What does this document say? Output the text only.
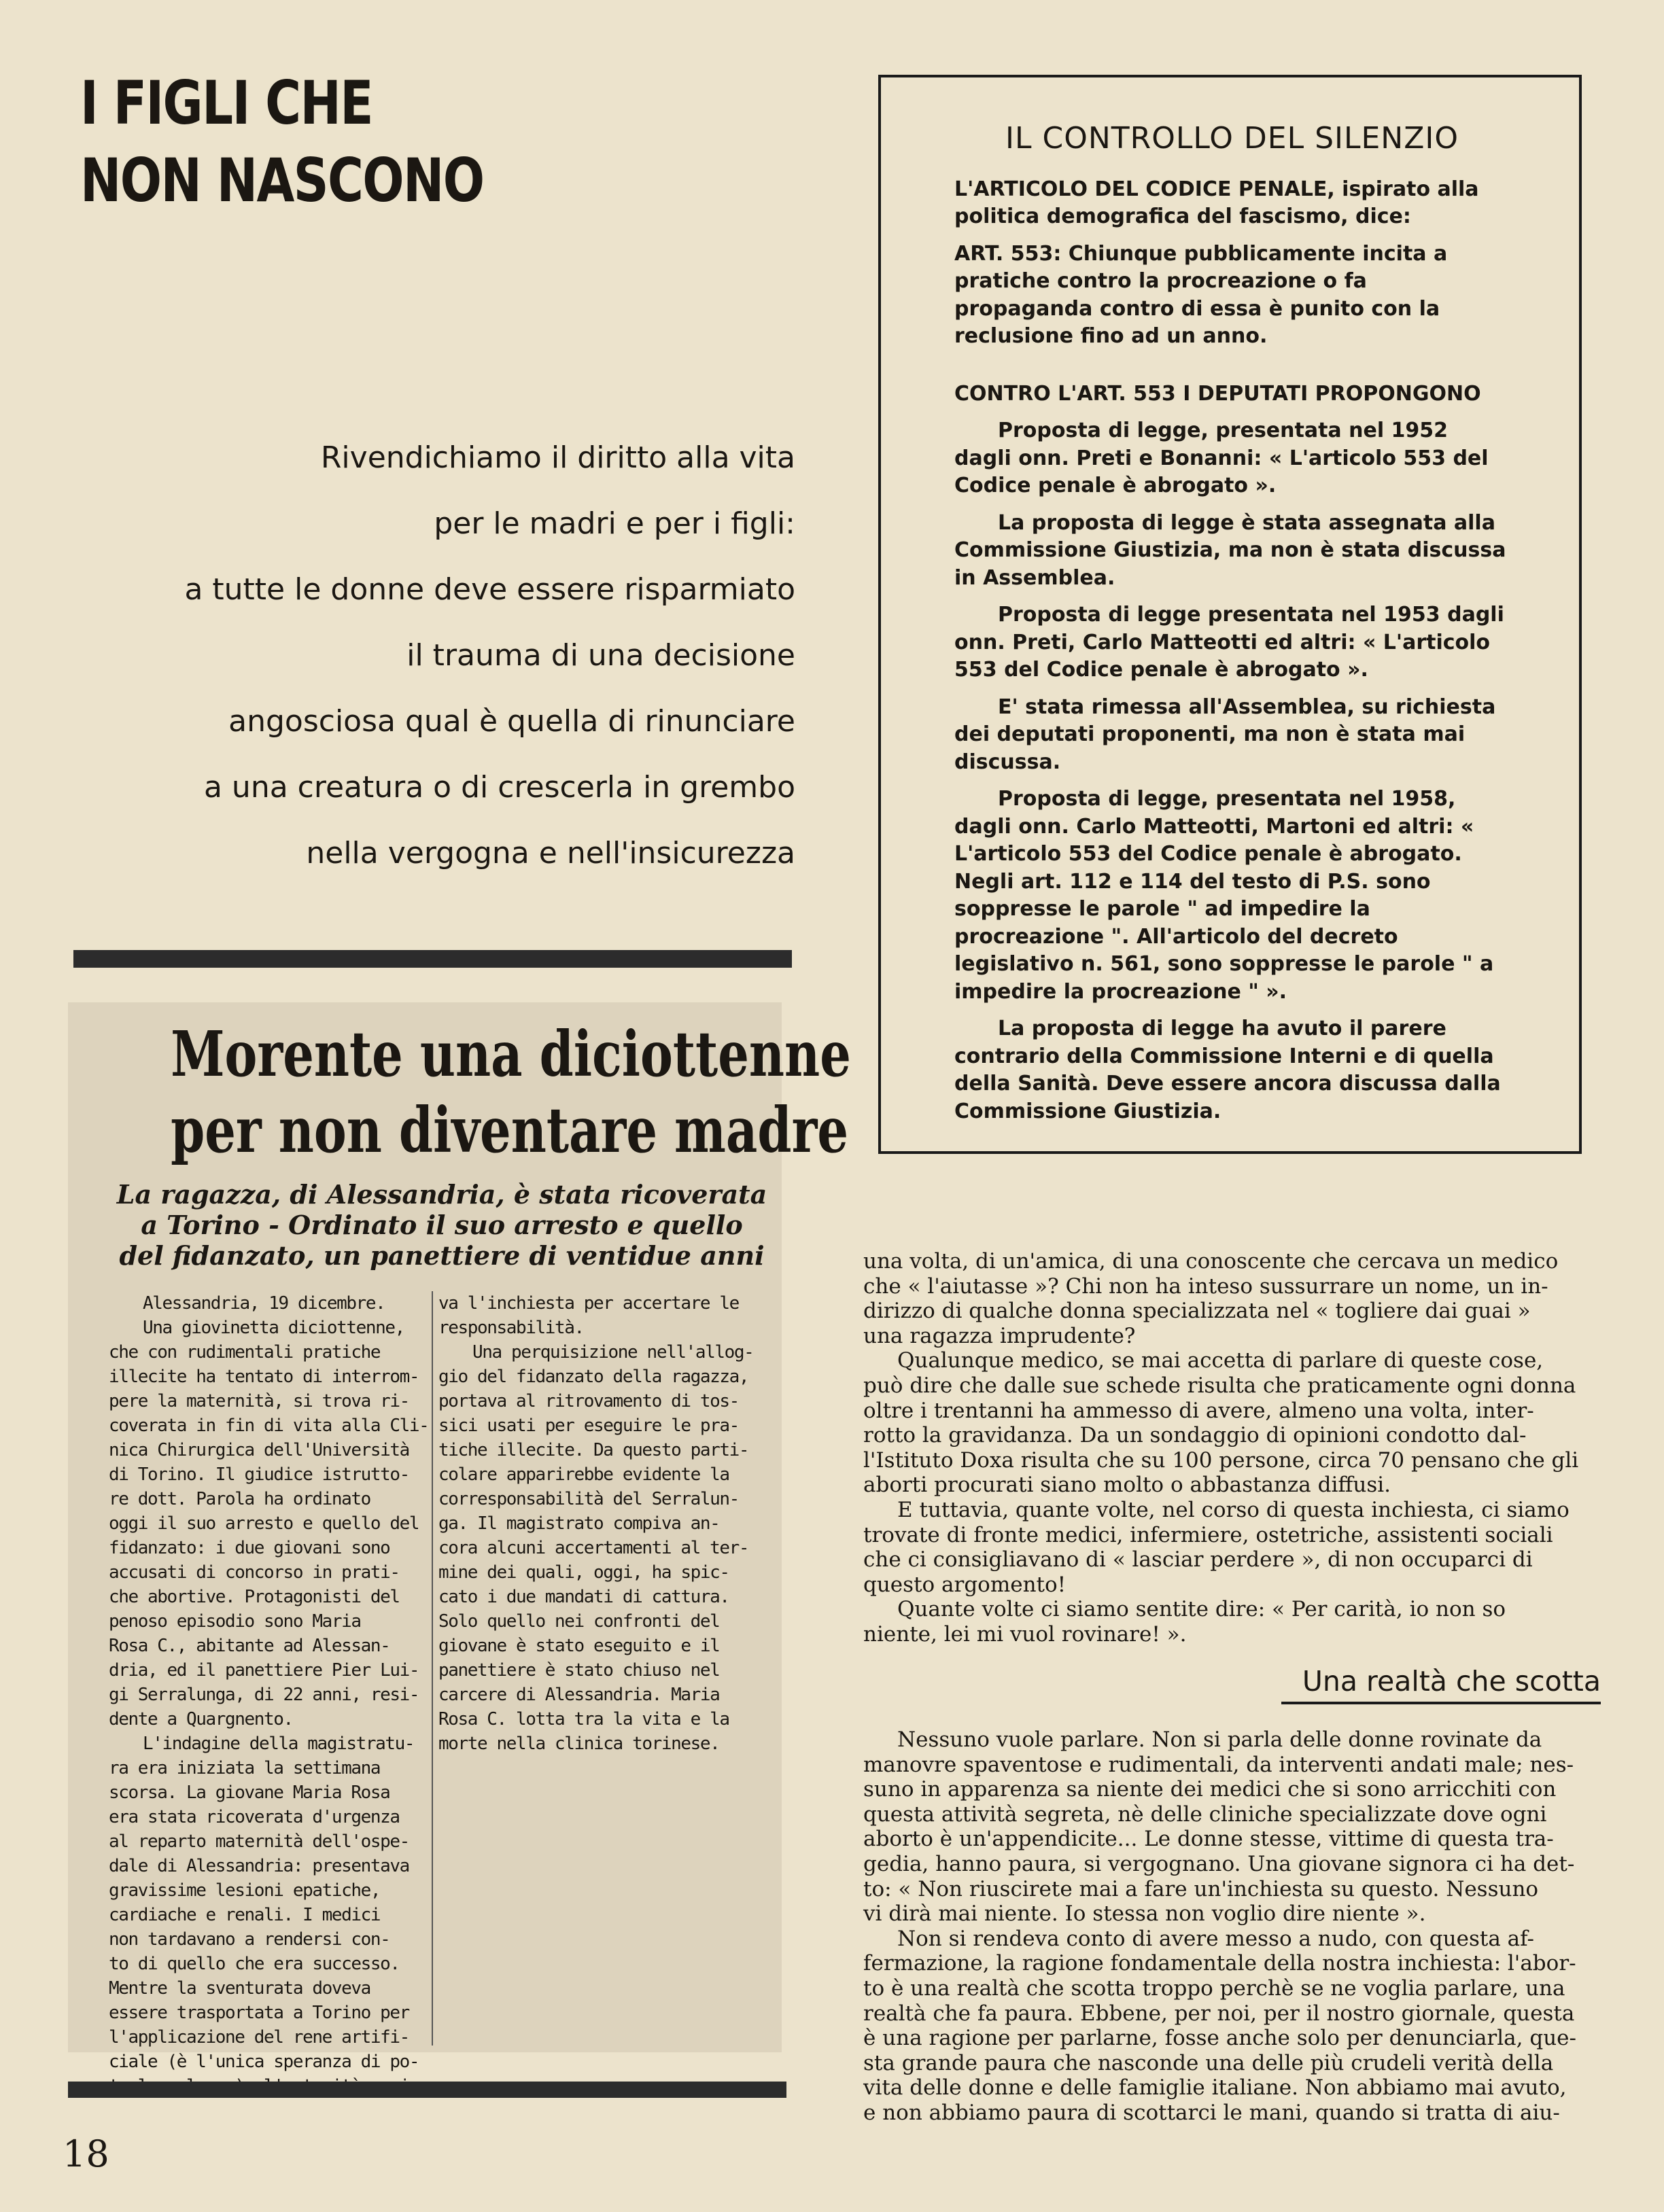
I FIGLI CHE
NON NASCONO
Rivendichiamo il diritto alla vita
per le madri e per i figli:
a tutte le donne deve essere risparmiato
il trauma di una decisione
angosciosa qual è quella di rinunciare
a una creatura o di crescerla in grembo
nella vergogna e nell'insicurezza
IL CONTROLLO DEL SILENZIO

L'ARTICOLO DEL CODICE PENALE, ispirato alla politica demografica del fascismo, dice:

ART. 553: Chiunque pubblicamente incita a pratiche contro la procreazione o fa propaganda contro di essa è punito con la reclusione fino ad un anno.

CONTRO L'ART. 553 I DEPUTATI PROPONGONO

Proposta di legge, presentata nel 1952 dagli onn. Preti e Bonanni: « L'articolo 553 del Codice penale è abrogato ».

La proposta di legge è stata assegnata alla Commissione Giustizia, ma non è stata discussa in Assemblea.

Proposta di legge presentata nel 1953 dagli onn. Preti, Carlo Matteotti ed altri: « L'articolo 553 del Codice penale è abrogato ».

E' stata rimessa all'Assemblea, su richiesta dei deputati proponenti, ma non è stata mai discussa.

Proposta di legge, presentata nel 1958, dagli onn. Carlo Matteotti, Martoni ed altri: « L'articolo 553 del Codice penale è abrogato. Negli art. 112 e 114 del testo di P.S. sono soppresse le parole " ad impedire la procreazione ". All'articolo del decreto legislativo n. 561, sono soppresse le parole " a impedire la procreazione " ».

La proposta di legge ha avuto il parere contrario della Commissione Interni e di quella della Sanità. Deve essere ancora discussa dalla Commissione Giustizia.

Morente una diciottenne
per non diventare madre
La ragazza, di Alessandria, è stata ricoverata
a Torino - Ordinato il suo arresto e quello
del fidanzato, un panettiere di ventidue anni
Alessandria, 19 dicembre.
Una giovinetta diciottenne,
che con rudimentali pratiche
illecite ha tentato di interrom-
pere la maternità, si trova ri-
coverata in fin di vita alla Cli-
nica Chirurgica dell'Università
di Torino. Il giudice istrutto-
re dott. Parola ha ordinato
oggi il suo arresto e quello del
fidanzato: i due giovani sono
accusati di concorso in prati-
che abortive. Protagonisti del
penoso episodio sono Maria
Rosa C., abitante ad Alessan-
dria, ed il panettiere Pier Lui-
gi Serralunga, di 22 anni, resi-
dente a Quargnento.
L'indagine della magistratu-
ra era iniziata la settimana
scorsa. La giovane Maria Rosa
era stata ricoverata d'urgenza
al reparto maternità dell'ospe-
dale di Alessandria: presentava
gravissime lesioni epatiche,
cardiache e renali. I medici
non tardavano a rendersi con-
to di quello che era successo.
Mentre la sventurata doveva
essere trasportata a Torino per
l'applicazione del rene artifi-
ciale (è l'unica speranza di po-
va l'inchiesta per accertare le
responsabilità.
Una perquisizione nell'allog-
gio del fidanzato della ragazza,
portava al ritrovamento di tos-
sici usati per eseguire le pra-
tiche illecite. Da questo parti-
colare apparirebbe evidente la
corresponsabilità del Serralun-
ga. Il magistrato compiva an-
cora alcuni accertamenti al ter-
mine dei quali, oggi, ha spic-
cato i due mandati di cattura.
Solo quello nei confronti del
giovane è stato eseguito e il
panettiere è stato chiuso nel
carcere di Alessandria. Maria
Rosa C. lotta tra la vita e la
morte nella clinica torinese.
una volta, di un'amica, di una conoscente che cercava un medico
che « l'aiutasse »? Chi non ha inteso sussurrare un nome, un in-
dirizzo di qualche donna specializzata nel « togliere dai guai »
una ragazza imprudente?
Qualunque medico, se mai accetta di parlare di queste cose,
può dire che dalle sue schede risulta che praticamente ogni donna
oltre i trentanni ha ammesso di avere, almeno una volta, inter-
rotto la gravidanza. Da un sondaggio di opinioni condotto dal-
l'Istituto Doxa risulta che su 100 persone, circa 70 pensano che gli
aborti procurati siano molto o abbastanza diffusi.
E tuttavia, quante volte, nel corso di questa inchiesta, ci siamo
trovate di fronte medici, infermiere, ostetriche, assistenti sociali
che ci consigliavano di « lasciar perdere », di non occuparci di
questo argomento!
Quante volte ci siamo sentite dire: « Per carità, io non so
niente, lei mi vuol rovinare! ».
Una realtà che scotta
Nessuno vuole parlare. Non si parla delle donne rovinate da
manovre spaventose e rudimentali, da interventi andati male; nes-
suno in apparenza sa niente dei medici che si sono arricchiti con
questa attività segreta, nè delle cliniche specializzate dove ogni
aborto è un'appendicite... Le donne stesse, vittime di questa tra-
gedia, hanno paura, si vergognano. Una giovane signora ci ha det-
to: « Non riuscirete mai a fare un'inchiesta su questo. Nessuno
vi dirà mai niente. Io stessa non voglio dire niente ».
Non si rendeva conto di avere messo a nudo, con questa af-
fermazione, la ragione fondamentale della nostra inchiesta: l'abor-
to è una realtà che scotta troppo perchè se ne voglia parlare, una
realtà che fa paura. Ebbene, per noi, per il nostro giornale, questa
è una ragione per parlarne, fosse anche solo per denunciarla, que-
sta grande paura che nasconde una delle più crudeli verità della
vita delle donne e delle famiglie italiane. Non abbiamo mai avuto,
e non abbiamo paura di scottarci le mani, quando si tratta di aiu-
18
